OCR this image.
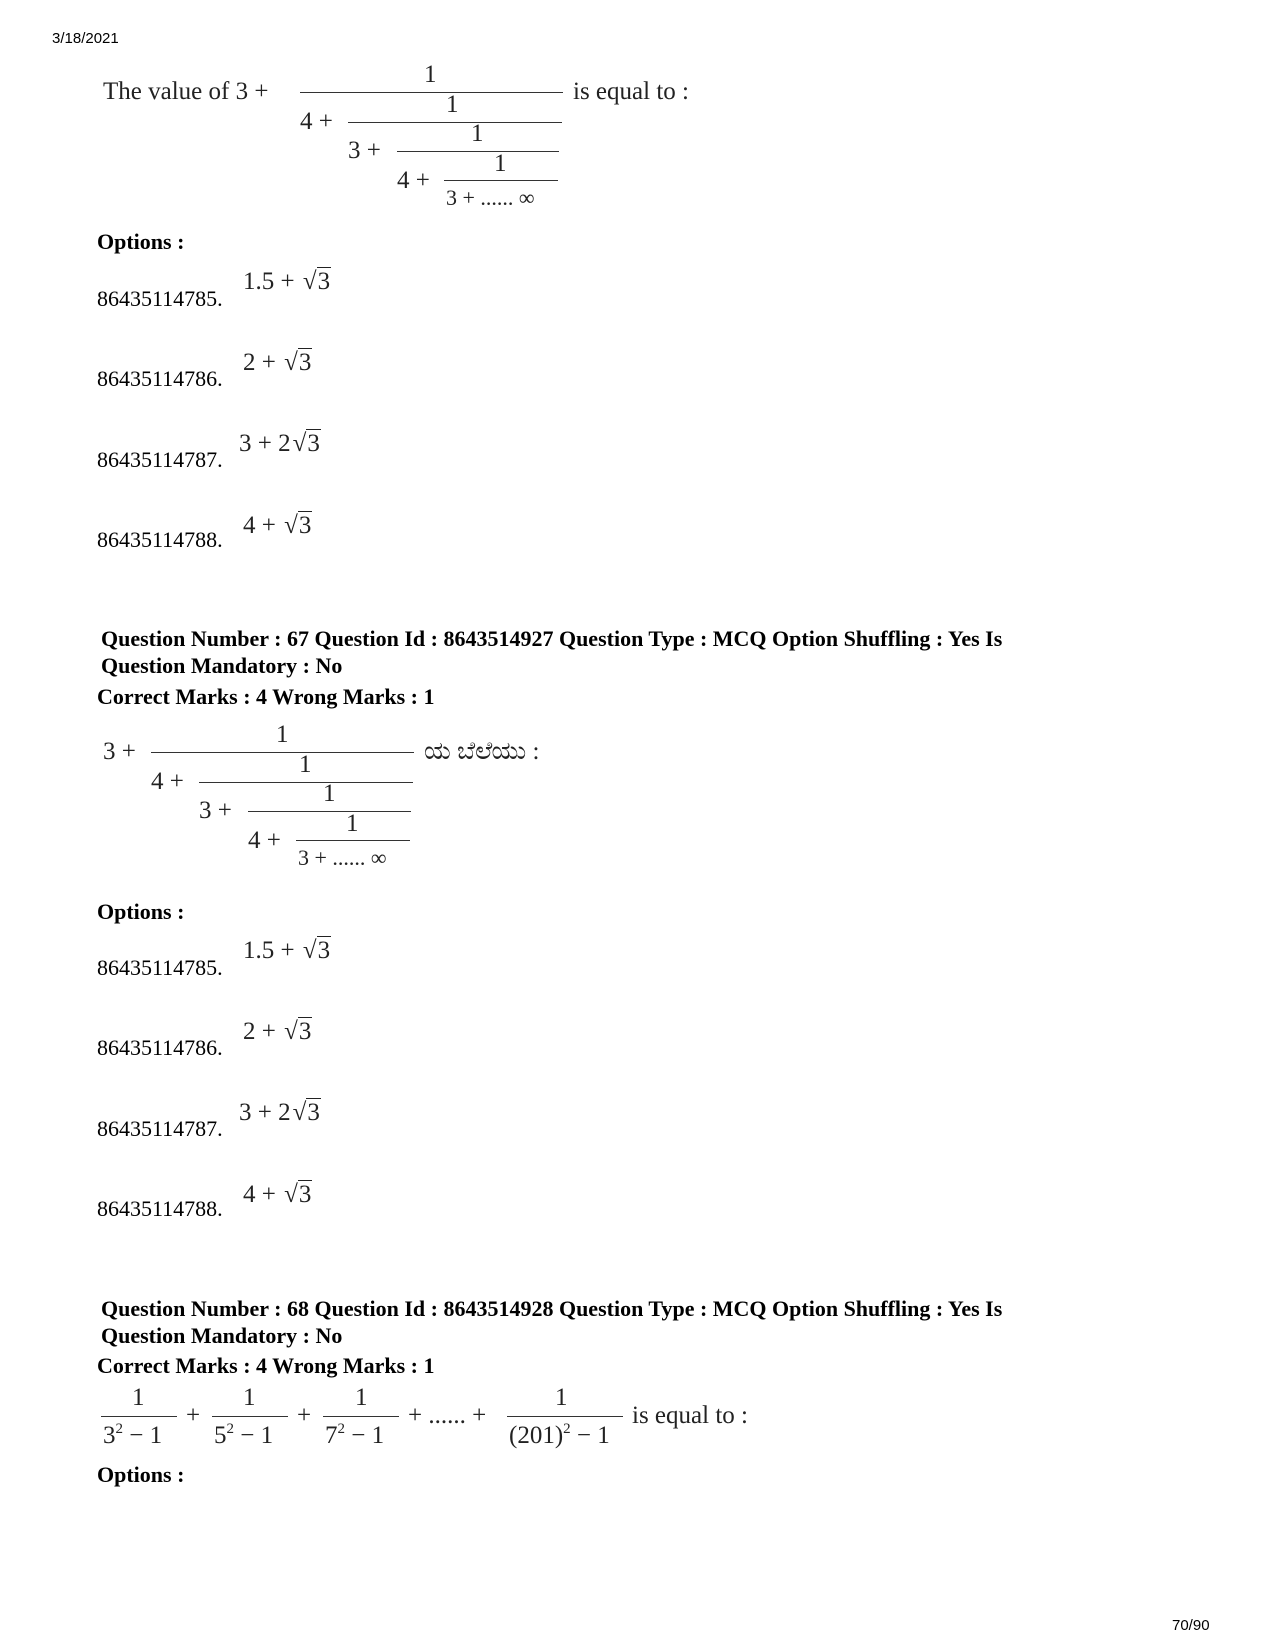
3/18/2021
The value of 3 +
1
is equal to :
4 +
1
3 +
1
4 +
1
3 + ...... ∞
Options :
86435114785.
1.5 + √3
86435114786.
2 + √3
86435114787.
3 + 2√3
86435114788.
4 + √3
Question Number : 67 Question Id : 8643514927 Question Type : MCQ Option Shuffling : Yes Is
Question Mandatory : No
Correct Marks : 4 Wrong Marks : 1
3 +
1
ಯ ಬೆಲೆಯು :
4 +
1
3 +
1
4 +
1
3 + ...... ∞
Options :
86435114785.
1.5 + √3
86435114786.
2 + √3
86435114787.
3 + 2√3
86435114788.
4 + √3
Question Number : 68 Question Id : 8643514928 Question Type : MCQ Option Shuffling : Yes Is
Question Mandatory : No
Correct Marks : 4 Wrong Marks : 1
1
$3^2 - 1$
+
1
$5^2 - 1$
+
1
$7^2 - 1$
+ ...... +
1
$(201)^2 - 1$
is equal to :
Options :
70/90
